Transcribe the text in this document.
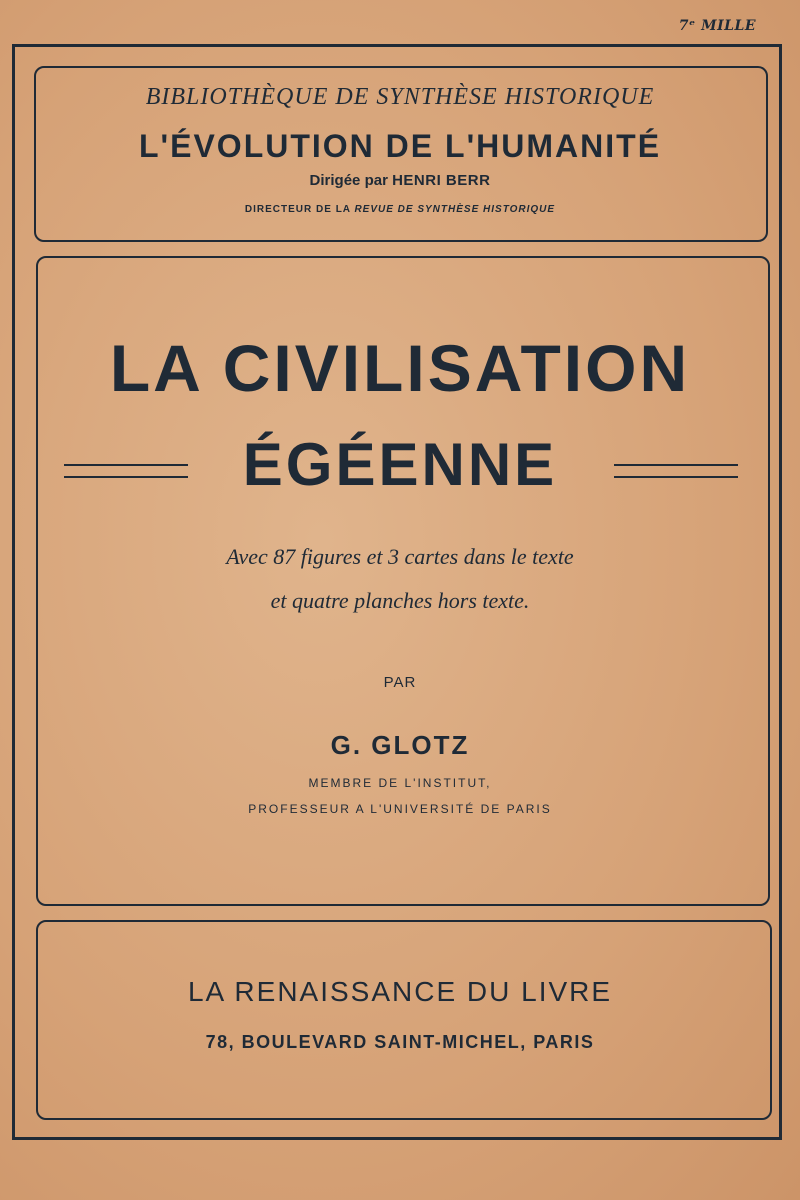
7ᵉ MILLE
BIBLIOTHÈQUE DE SYNTHÈSE HISTORIQUE
L'ÉVOLUTION DE L'HUMANITÉ
Dirigée par HENRI BERR
DIRECTEUR DE LA REVUE DE SYNTHÈSE HISTORIQUE
LA CIVILISATION
ÉGÉENNE
Avec 87 figures et 3 cartes dans le texte
et quatre planches hors texte.
PAR
G. GLOTZ
MEMBRE DE L'INSTITUT,
PROFESSEUR A L'UNIVERSITÉ DE PARIS
LA RENAISSANCE DU LIVRE
78, BOULEVARD SAINT-MICHEL, PARIS
